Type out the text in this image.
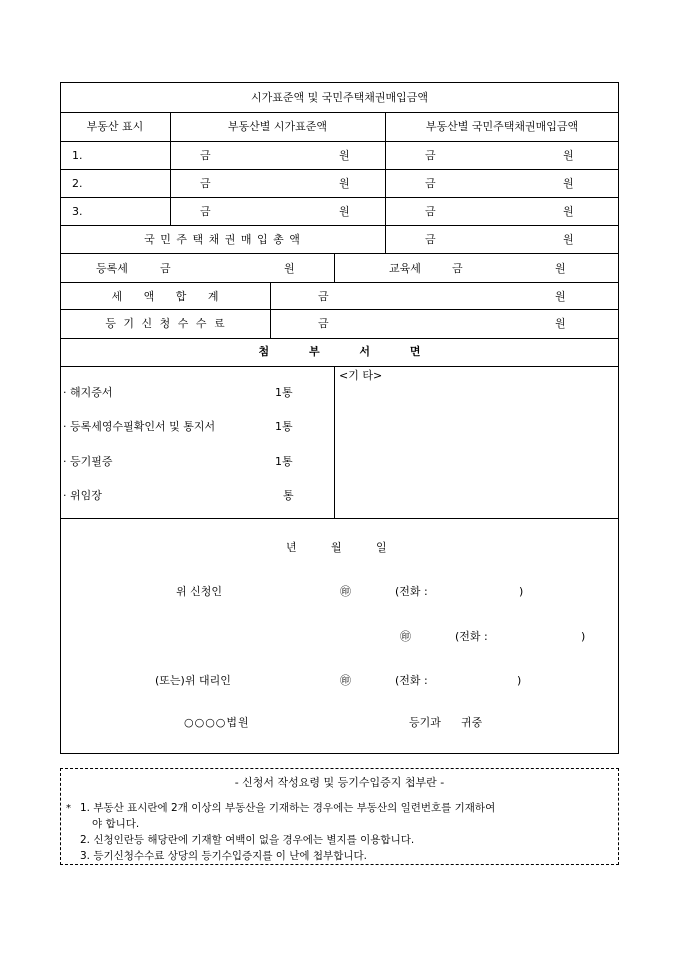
시가표준액 및 국민주택채권매입금액
부동산 표시	부동산별 시가표준액	부동산별 국민주택채권매입금액
1.	금	원	금	원
2.	금	원	금	원
3.	금	원	금	원
국 민 주 택 채 권 매 입 총 액	금	원
등록세	금	원	교육세	금	원
세 액 합 계	금	원
등 기 신 청 수 수 료	금	원
첨 부 서 면
· 해지증서	1통
· 등록세영수필확인서 및 통지서	1통
· 등기필증	1통
· 위임장	통
<기 타>
년	월	일
위 신청인	㊞	(전화 :	)
㊞	(전화 :	)
(또는)위 대리인	㊞	(전화 :	)
○○○○법원	등기과 귀중
- 신청서 작성요령 및 등기수입증지 첩부란 -
* 1. 부동산 표시란에 2개 이상의 부동산을 기재하는 경우에는 부동산의 일련번호를 기재하여
야 합니다.
2. 신청인란등 해당란에 기재할 여백이 없을 경우에는 별지를 이용합니다.
3. 등기신청수수료 상당의 등기수입증지를 이 난에 첩부합니다.
